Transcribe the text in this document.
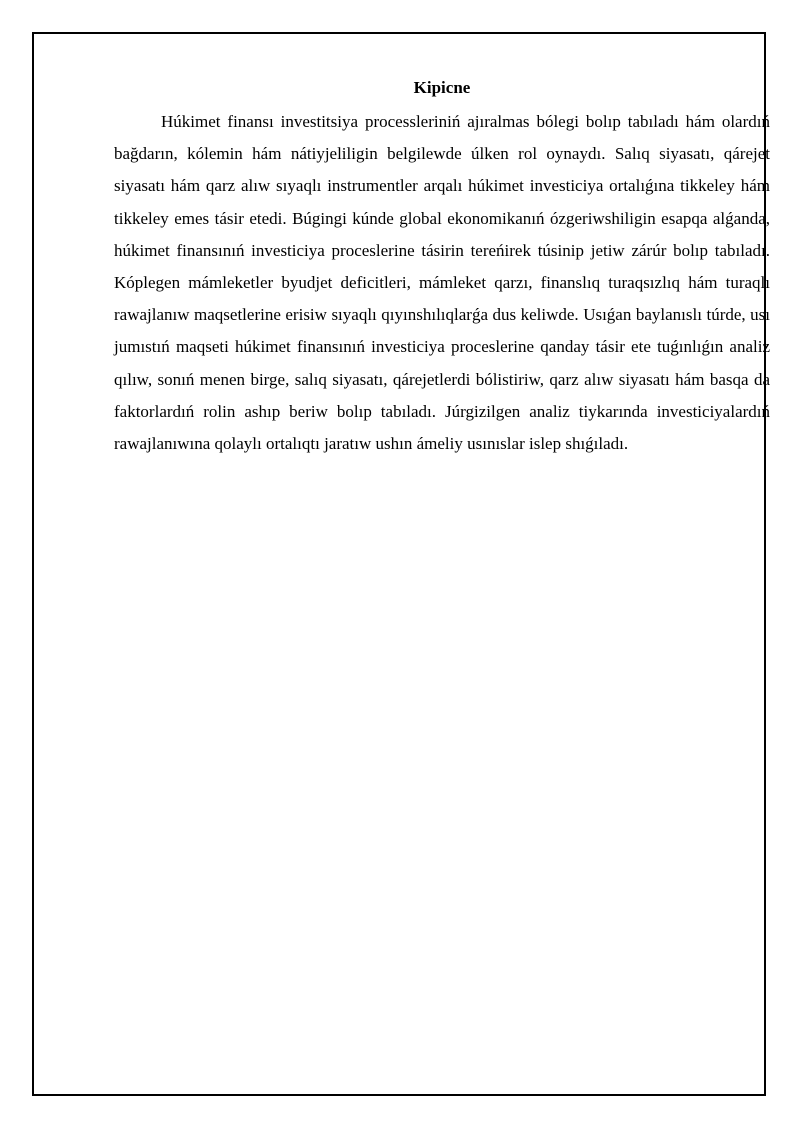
Kipicne

Húkimet finansı investitsiya processleriniń ajıralmas bólegi bolıp tabıladı hám olardıń bağdarın, kólemin hám nátiyjeliligin belgilewde úlken rol oynaydı. Salıq siyasatı, qárejet siyasatı hám qarz alıw sıyaqlı instrumentler arqalı húkimet investiciya ortalıǵına tikkeley hám tikkeley emes tásir etedi. Búgingi kúnde global ekonomikanıń ózgeriwshiligin esapqa alǵanda, húkimet finansınıń investiciya proceslerine tásirin tereńirek túsinip jetiw zárúr bolıp tabıladı. Kóplegen mámleketler byudjet deficitleri, mámleket qarzı, finanslıq turaqsızlıq hám turaqlı rawajlanıw maqsetlerine erisiw sıyaqlı qıyınshılıqlarǵa dus keliwde. Usıǵan baylanıslı túrde, usı jumıstıń maqseti húkimet finansınıń investiciya proceslerine qanday tásir ete tuǵınlıǵın analiz qılıw, sonıń menen birge, salıq siyasatı, qárejetlerdi bólistiriw, qarz alıw siyasatı hám basqa da faktorlardıń rolin ashıp beriw bolıp tabıladı. Júrgizilgen analiz tiykarında investiciyalardıń rawajlanıwına qolaylı ortalıqtı jaratıw ushın ámeliy usınıslar islep shıǵıladı.
